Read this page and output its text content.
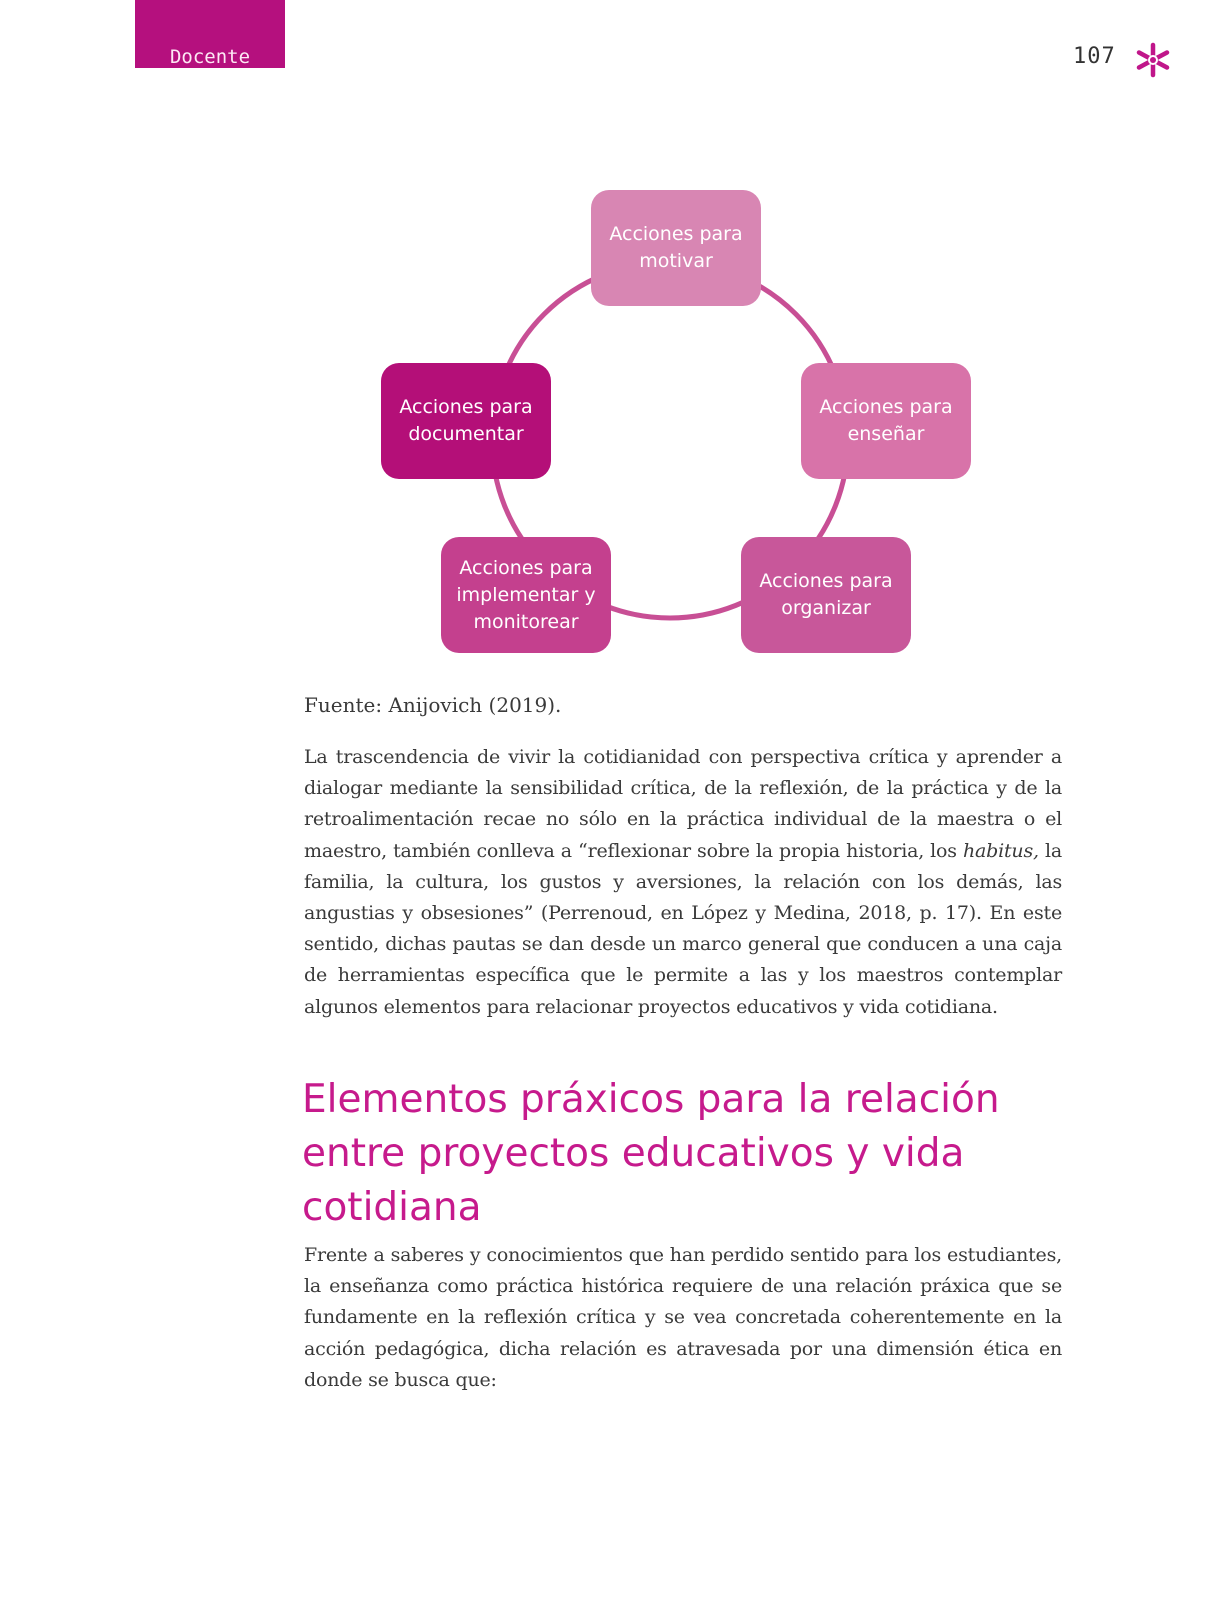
Docente	107
Acciones para motivar
Acciones para enseñar
Acciones para organizar
Acciones para implementar y monitorear
Acciones para documentar
Fuente: Anijovich (2019).

La trascendencia de vivir la cotidianidad con perspectiva crítica y aprender a dialogar mediante la sensibilidad crítica, de la reflexión, de la práctica y de la retroalimentación recae no sólo en la práctica individual de la maestra o el maestro, también conlleva a “reflexionar sobre la propia historia, los habitus, la familia, la cultura, los gustos y aversiones, la relación con los demás, las angustias y obsesiones” (Perrenoud, en López y Medina, 2018, p. 17). En este sentido, dichas pautas se dan desde un marco general que conducen a una caja de herramientas específica que le permite a las y los maestros contemplar algunos elementos para relacionar proyectos educativos y vida cotidiana.

Elementos práxicos para la relación entre proyectos educativos y vida cotidiana

Frente a saberes y conocimientos que han perdido sentido para los estudiantes, la enseñanza como práctica histórica requiere de una relación práxica que se fundamente en la reflexión crítica y se vea concretada coherentemente en la acción pedagógica, dicha relación es atravesada por una dimensión ética en donde se busca que:
